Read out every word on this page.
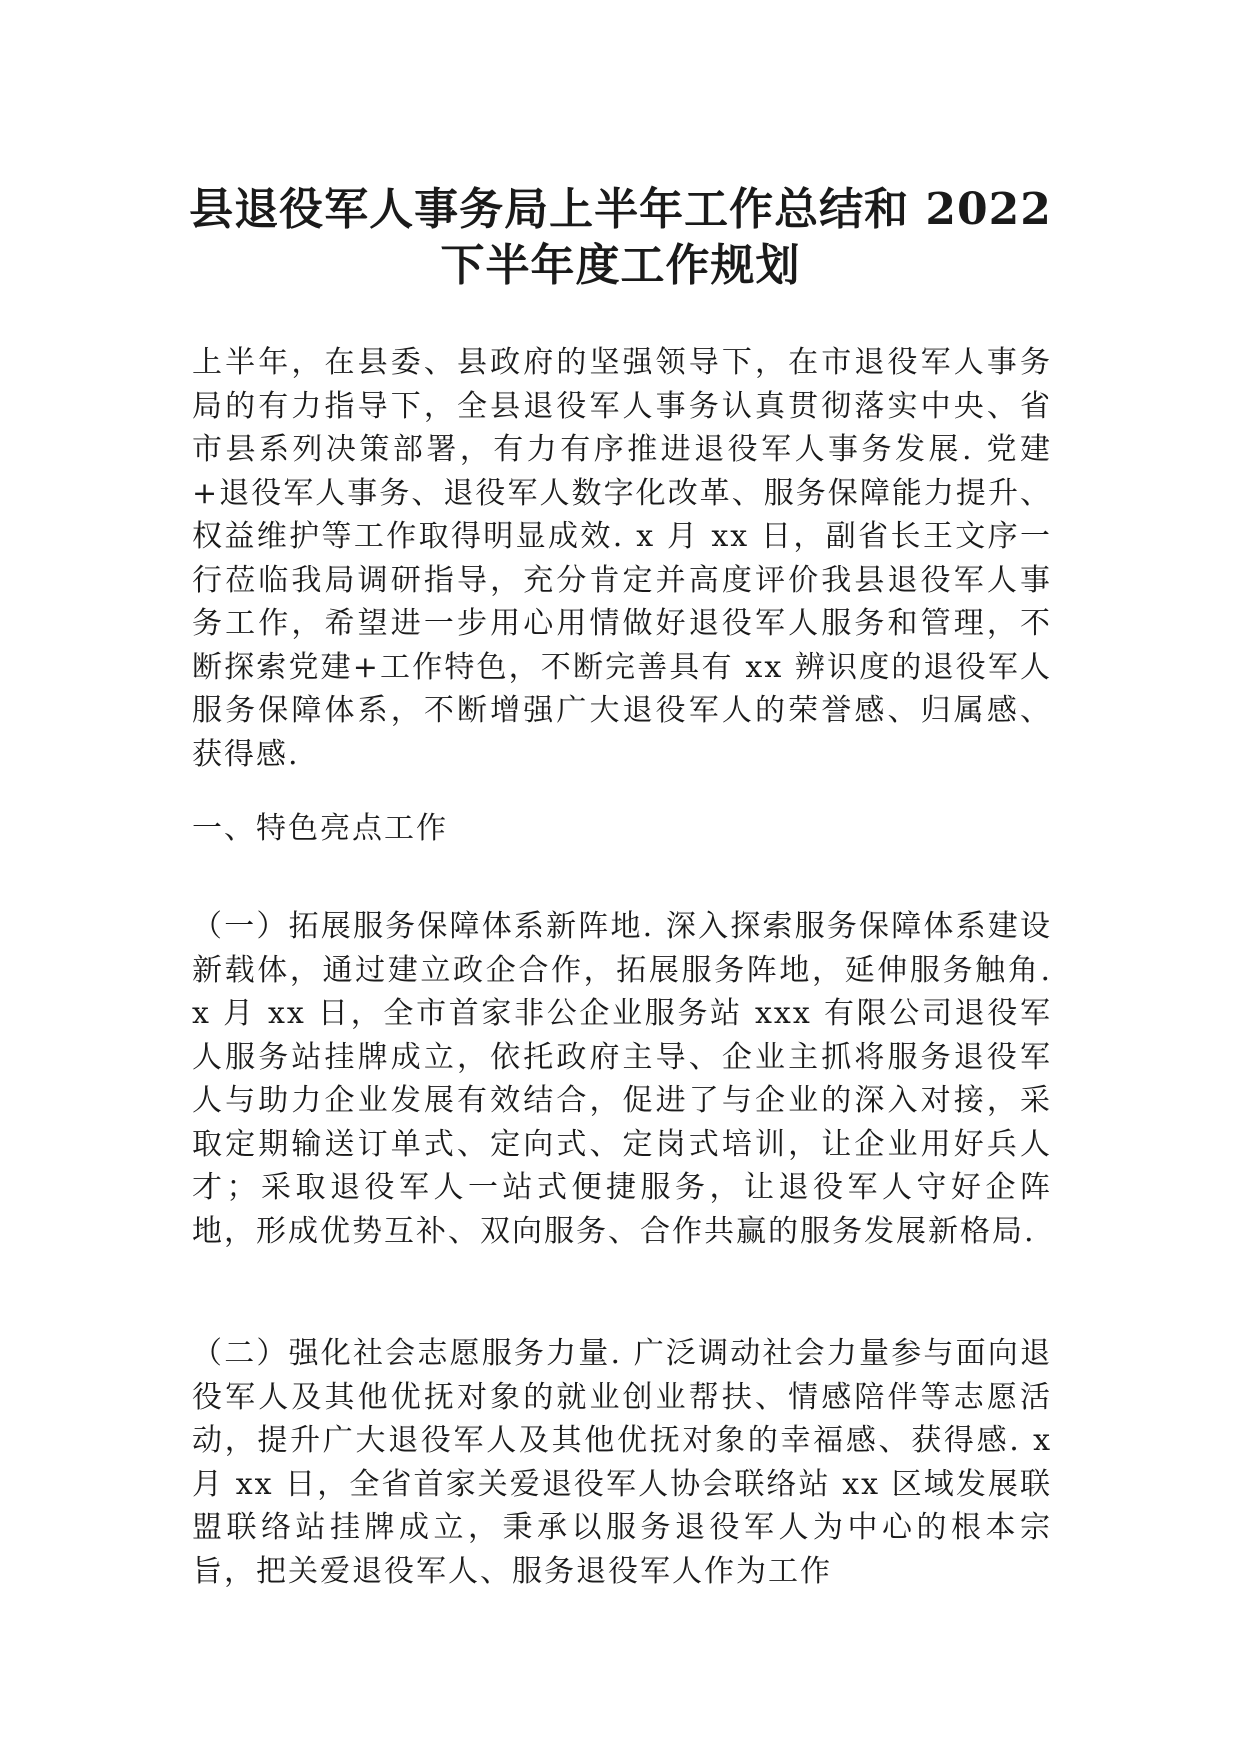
县退役军人事务局上半年工作总结和 2022
下半年度工作规划

上半年，在县委、县政府的坚强领导下，在市退役军人事务局的有力指导下，全县退役军人事务认真贯彻落实中央、省市县系列决策部署，有力有序推进退役军人事务发展. 党建+退役军人事务、退役军人数字化改革、服务保障能力提升、权益维护等工作取得明显成效. x 月 xx 日，副省长王文序一行莅临我局调研指导，充分肯定并高度评价我县退役军人事务工作，希望进一步用心用情做好退役军人服务和管理，不断探索党建+工作特色，不断完善具有 xx 辨识度的退役军人服务保障体系，不断增强广大退役军人的荣誉感、归属感、获得感.

一、特色亮点工作

（一）拓展服务保障体系新阵地. 深入探索服务保障体系建设新载体，通过建立政企合作，拓展服务阵地，延伸服务触角. x 月 xx 日，全市首家非公企业服务站 xxx 有限公司退役军人服务站挂牌成立，依托政府主导、企业主抓将服务退役军人与助力企业发展有效结合，促进了与企业的深入对接，采取定期输送订单式、定向式、定岗式培训，让企业用好兵人才；采取退役军人一站式便捷服务，让退役军人守好企阵地，形成优势互补、双向服务、合作共赢的服务发展新格局.

（二）强化社会志愿服务力量. 广泛调动社会力量参与面向退役军人及其他优抚对象的就业创业帮扶、情感陪伴等志愿活动，提升广大退役军人及其他优抚对象的幸福感、获得感. x 月 xx 日，全省首家关爱退役军人协会联络站 xx 区域发展联盟联络站挂牌成立，秉承以服务退役军人为中心的根本宗旨，把关爱退役军人、服务退役军人作为工作
